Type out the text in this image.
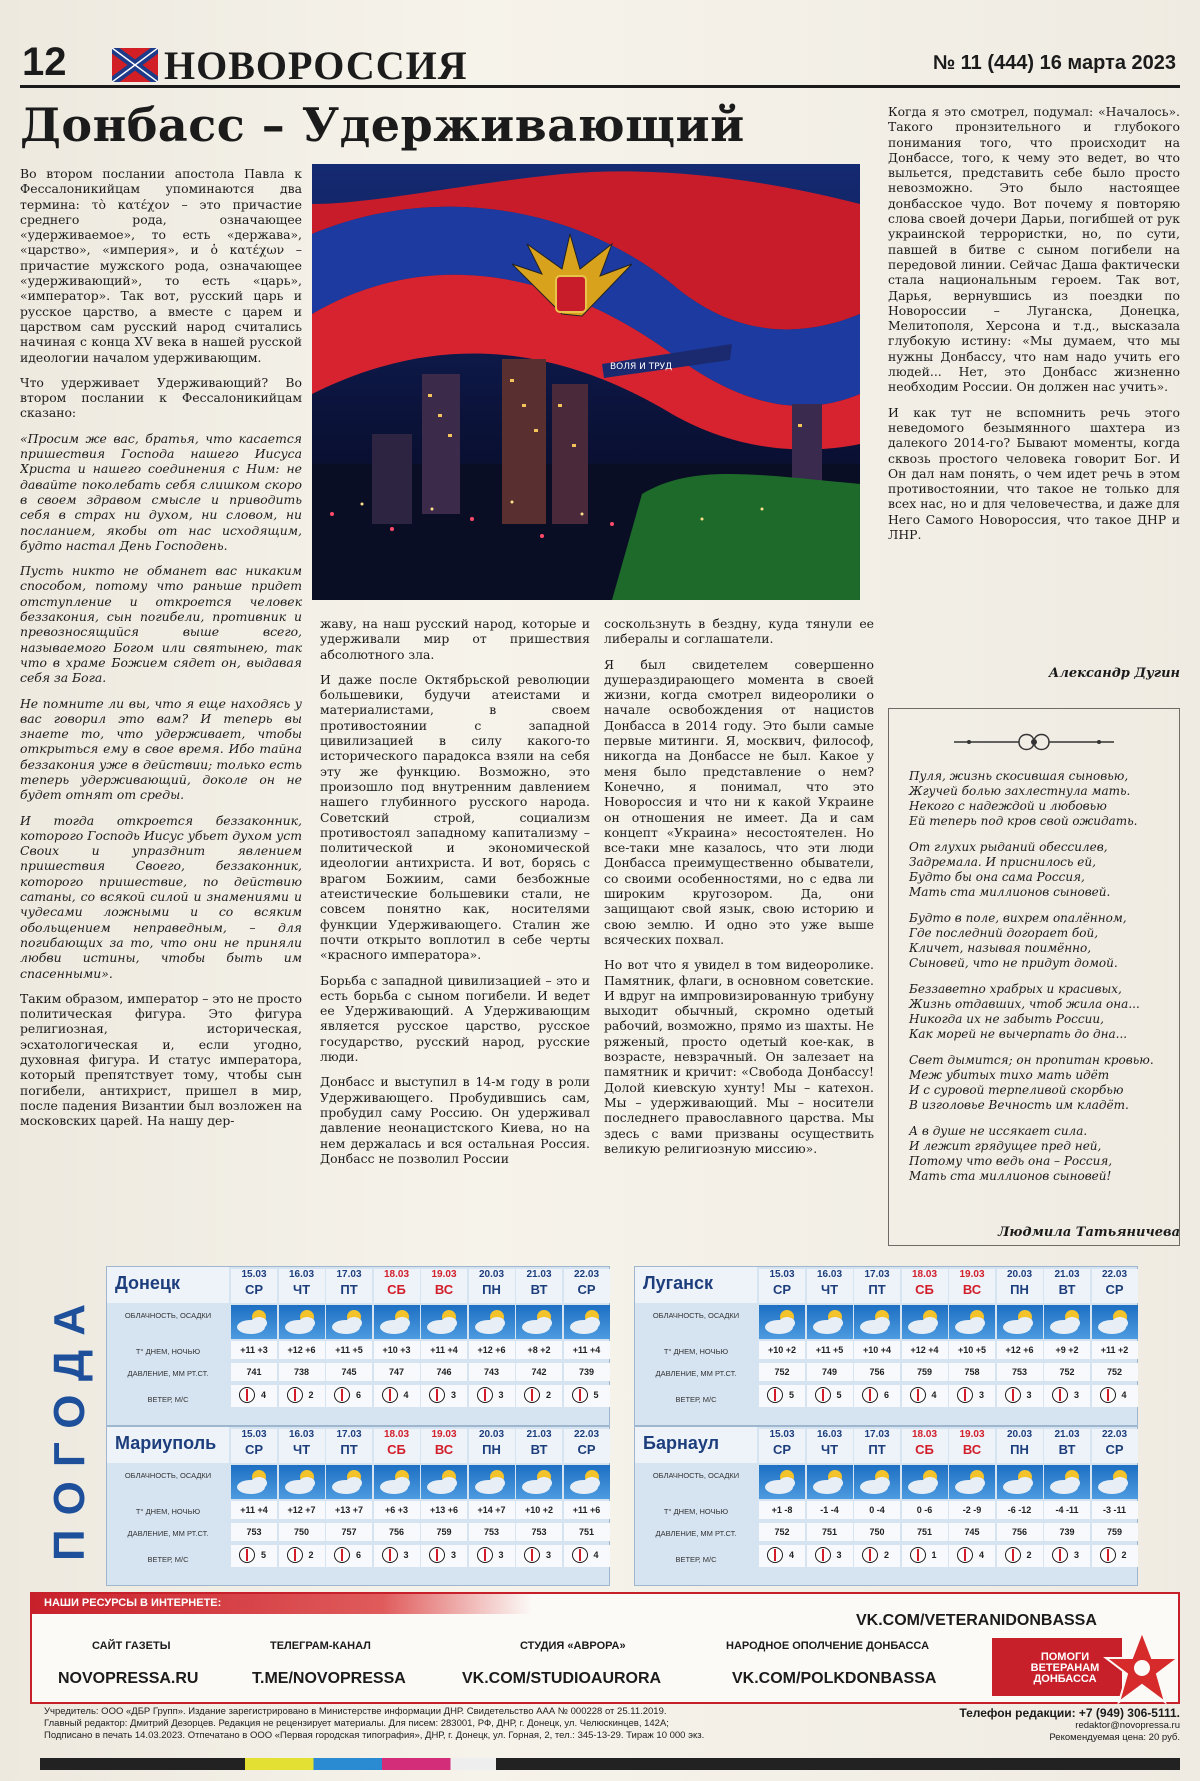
12 НОВОРОССИЯ	№ 11 (444) 16 марта 2023
Донбасс – Удерживающий

Во втором послании апостола Павла к Фессалоникийцам упоминаются два термина: τὸ κατέχον – это причастие среднего рода, означающее «удерживаемое», то есть «держава», «царство», «империя», и ὁ κατέχων – причастие мужского рода, означающее «удерживающий», то есть «царь», «император». Так вот, русский царь и русское царство, а вместе с царем и царством сам русский народ считались начиная с конца XV века в нашей русской идеологии началом удерживающим.

Что удерживает Удерживающий? Во втором послании к Фессалоникийцам сказано:

«Просим же вас, братья, что касается пришествия Господа нашего Иисуса Христа и нашего соединения с Ним: не давайте поколебать себя слишком скоро в своем здравом смысле и приводить себя в страх ни духом, ни словом, ни посланием, якобы от нас исходящим, будто настал День Господень.

Пусть никто не обманет вас никаким способом, потому что раньше придет отступление и откроется человек беззакония, сын погибели, противник и превозносящийся выше всего, называемого Богом или святынею, так что в храме Божием сядет он, выдавая себя за Бога.

Не помните ли вы, что я еще находясь у вас говорил это вам? И теперь вы знаете то, что удерживает, чтобы открыться ему в свое время. Ибо тайна беззакония уже в действии; только есть теперь удерживающий, доколе он не будет отнят от среды.

И тогда откроется беззаконник, которого Господь Иисус убьет духом уст Своих и упразднит явлением пришествия Своего, беззаконник, которого пришествие, по действию сатаны, со всякой силой и знамениями и чудесами ложными и со всяким обольщением неправедным, – для погибающих за то, что они не приняли любви истины, чтобы быть им спасенными».

Таким образом, император – это не просто политическая фигура. Это фигура религиозная, историческая, эсхатологическая и, если угодно, духовная фигура. И статус императора, который препятствует тому, чтобы сын погибели, антихрист, пришел в мир, после падения Византии был возложен на московских царей. На нашу дер-

ВОЛЯ И ТРУД

жаву, на наш русский народ, которые и удерживали мир от пришествия абсолютного зла.

И даже после Октябрьской революции большевики, будучи атеистами и материалистами, в своем противостоянии с западной цивилизацией в силу какого-то исторического парадокса взяли на себя эту же функцию. Возможно, это произошло под внутренним давлением нашего глубинного русского народа. Советский строй, социализм противостоял западному капитализму – политической и экономической идеологии антихриста. И вот, борясь с врагом Божиим, сами безбожные атеистические большевики стали, не совсем понятно как, носителями функции Удерживающего. Сталин же почти открыто воплотил в себе черты «красного императора».

Борьба с западной цивилизацией – это и есть борьба с сыном погибели. И ведет ее Удерживающий. А Удерживающим является русское царство, русское государство, русский народ, русские люди.

Донбасс и выступил в 14-м году в роли Удерживающего. Пробудившись сам, пробудил саму Россию. Он удерживал давление неонацистского Киева, но на нем держалась и вся остальная Россия. Донбасс не позволил России

соскользнуть в бездну, куда тянули ее либералы и соглашатели.

Я был свидетелем совершенно душераздирающего момента в своей жизни, когда смотрел видеоролики о начале освобождения от нацистов Донбасса в 2014 году. Это были самые первые митинги. Я, москвич, философ, никогда на Донбассе не был. Какое у меня было представление о нем? Конечно, я понимал, что это Новороссия и что ни к какой Украине он отношения не имеет. Да и сам концепт «Украина» несостоятелен. Но все-таки мне казалось, что эти люди Донбасса преимущественно обыватели, со своими особенностями, но с едва ли широким кругозором. Да, они защищают свой язык, свою историю и свою землю. И одно это уже выше всяческих похвал.

Но вот что я увидел в том видеоролике. Памятник, флаги, в основном советские. И вдруг на импровизированную трибуну выходит обычный, скромно одетый рабочий, возможно, прямо из шахты. Не ряженый, просто одетый кое-как, в возрасте, невзрачный. Он залезает на памятник и кричит: «Свобода Донбассу! Долой киевскую хунту! Мы – катехон. Мы – удерживающий. Мы – носители последнего православного царства. Мы здесь с вами призваны осуществить великую религиозную миссию».

Когда я это смотрел, подумал: «Началось». Такого пронзительного и глубокого понимания того, что происходит на Донбассе, того, к чему это ведет, во что выльется, представить себе было просто невозможно. Это было настоящее донбасское чудо. Вот почему я повторяю слова своей дочери Дарьи, погибшей от рук украинской террористки, но, по сути, павшей в битве с сыном погибели на передовой линии. Сейчас Даша фактически стала национальным героем. Так вот, Дарья, вернувшись из поездки по Новороссии – Луганска, Донецка, Мелитополя, Херсона и т.д., высказала глубокую истину: «Мы думаем, что мы нужны Донбассу, что нам надо учить его людей... Нет, это Донбасс жизненно необходим России. Он должен нас учить».

И как тут не вспомнить речь этого неведомого безымянного шахтера из далекого 2014-го? Бывают моменты, когда сквозь простого человека говорит Бог. И Он дал нам понять, о чем идет речь в этом противостоянии, что такое не только для всех нас, но и для человечества, и даже для Него Самого Новороссия, что такое ДНР и ЛНР.

Александр Дугин
Пуля, жизнь скосившая сыновью,
Жгучей болью захлестнула мать.
Некого с надеждой и любовью
Ей теперь под кров свой ожидать.
От глухих рыданий обессилев,
Задремала. И приснилось ей,
Будто бы она сама Россия,
Мать ста миллионов сыновей.
Будто в поле, вихрем опалённом,
Где последний догорает бой,
Кличет, называя поимённо,
Сыновей, что не придут домой.
Беззаветно храбрых и красивых,
Жизнь отдавших, чтоб жила она...
Никогда их не забыть России,
Как морей не вычерпать до дна...
Свет дымится; он пропитан кровью.
Меж убитых тихо мать идёт
И с суровой терпеливой скорбью
В изголовье Вечность им кладёт.
А в душе не иссякает сила.
И лежит грядущее пред ней,
Потому что ведь она – Россия,
Мать ста миллионов сыновей!
Людмила Татьяничева
ПОГОДА
Донецк
ОБЛАЧНОСТЬ, ОСАДКИ
T° ДНЕМ, НОЧЬЮ
ДАВЛЕНИЕ, ММ РТ.СТ.
ВЕТЕР, М/С
15.03
СР
+11 +3
741
4
16.03
ЧТ
+12 +6
738
2
17.03
ПТ
+11 +5
745
6
18.03
СБ
+10 +3
747
4
19.03
ВС
+11 +4
746
3
20.03
ПН
+12 +6
743
3
21.03
ВТ
+8 +2
742
2
22.03
СР
+11 +4
739
5
Луганск
ОБЛАЧНОСТЬ, ОСАДКИ
T° ДНЕМ, НОЧЬЮ
ДАВЛЕНИЕ, ММ РТ.СТ.
ВЕТЕР, М/С
15.03
СР
+10 +2
752
5
16.03
ЧТ
+11 +5
749
5
17.03
ПТ
+10 +4
756
6
18.03
СБ
+12 +4
759
4
19.03
ВС
+10 +5
758
3
20.03
ПН
+12 +6
753
3
21.03
ВТ
+9 +2
752
3
22.03
СР
+11 +2
752
4
Мариуполь
ОБЛАЧНОСТЬ, ОСАДКИ
T° ДНЕМ, НОЧЬЮ
ДАВЛЕНИЕ, ММ РТ.СТ.
ВЕТЕР, М/С
15.03
СР
+11 +4
753
5
16.03
ЧТ
+12 +7
750
2
17.03
ПТ
+13 +7
757
6
18.03
СБ
+6 +3
756
3
19.03
ВС
+13 +6
759
3
20.03
ПН
+14 +7
753
3
21.03
ВТ
+10 +2
753
3
22.03
СР
+11 +6
751
4
Барнаул
ОБЛАЧНОСТЬ, ОСАДКИ
T° ДНЕМ, НОЧЬЮ
ДАВЛЕНИЕ, ММ РТ.СТ.
ВЕТЕР, М/С
15.03
СР
+1 -8
752
4
16.03
ЧТ
-1 -4
751
3
17.03
ПТ
0 -4
750
2
18.03
СБ
0 -6
751
1
19.03
ВС
-2 -9
745
4
20.03
ПН
-6 -12
756
2
21.03
ВТ
-4 -11
739
3
22.03
СР
-3 -11
759
2
НАШИ РЕСУРСЫ В ИНТЕРНЕТЕ:
VK.COM/VETERANIDONBASSA
САЙТ ГАЗЕТЫ
NOVOPRESSA.RU
ТЕЛЕГРАМ-КАНАЛ
T.ME/NOVOPRESSA
СТУДИЯ «АВРОРА»
VK.COM/STUDIOAURORA
НАРОДНОЕ ОПОЛЧЕНИЕ ДОНБАССА
VK.COM/POLKDONBASSA
ПОМОГИ ВЕТЕРАНАМ ДОНБАССА
Учредитель: ООО «ДБР Групп». Издание зарегистрировано в Министерстве информации ДНР. Свидетельство ААА № 000228 от 25.11.2019.
Главный редактор: Дмитрий Дезорцев. Редакция не рецензирует материалы. Для писем: 283001, РФ, ДНР, г. Донецк, ул. Челюскинцев, 142А;
Подписано в печать 14.03.2023. Отпечатано в ООО «Первая городская типография», ДНР, г. Донецк, ул. Горная, 2, тел.: 345-13-29. Тираж 10 000 экз.
Телефон редакции: +7 (949) 306-5111.
redaktor@novopressa.ru
Рекомендуемая цена: 20 руб.
